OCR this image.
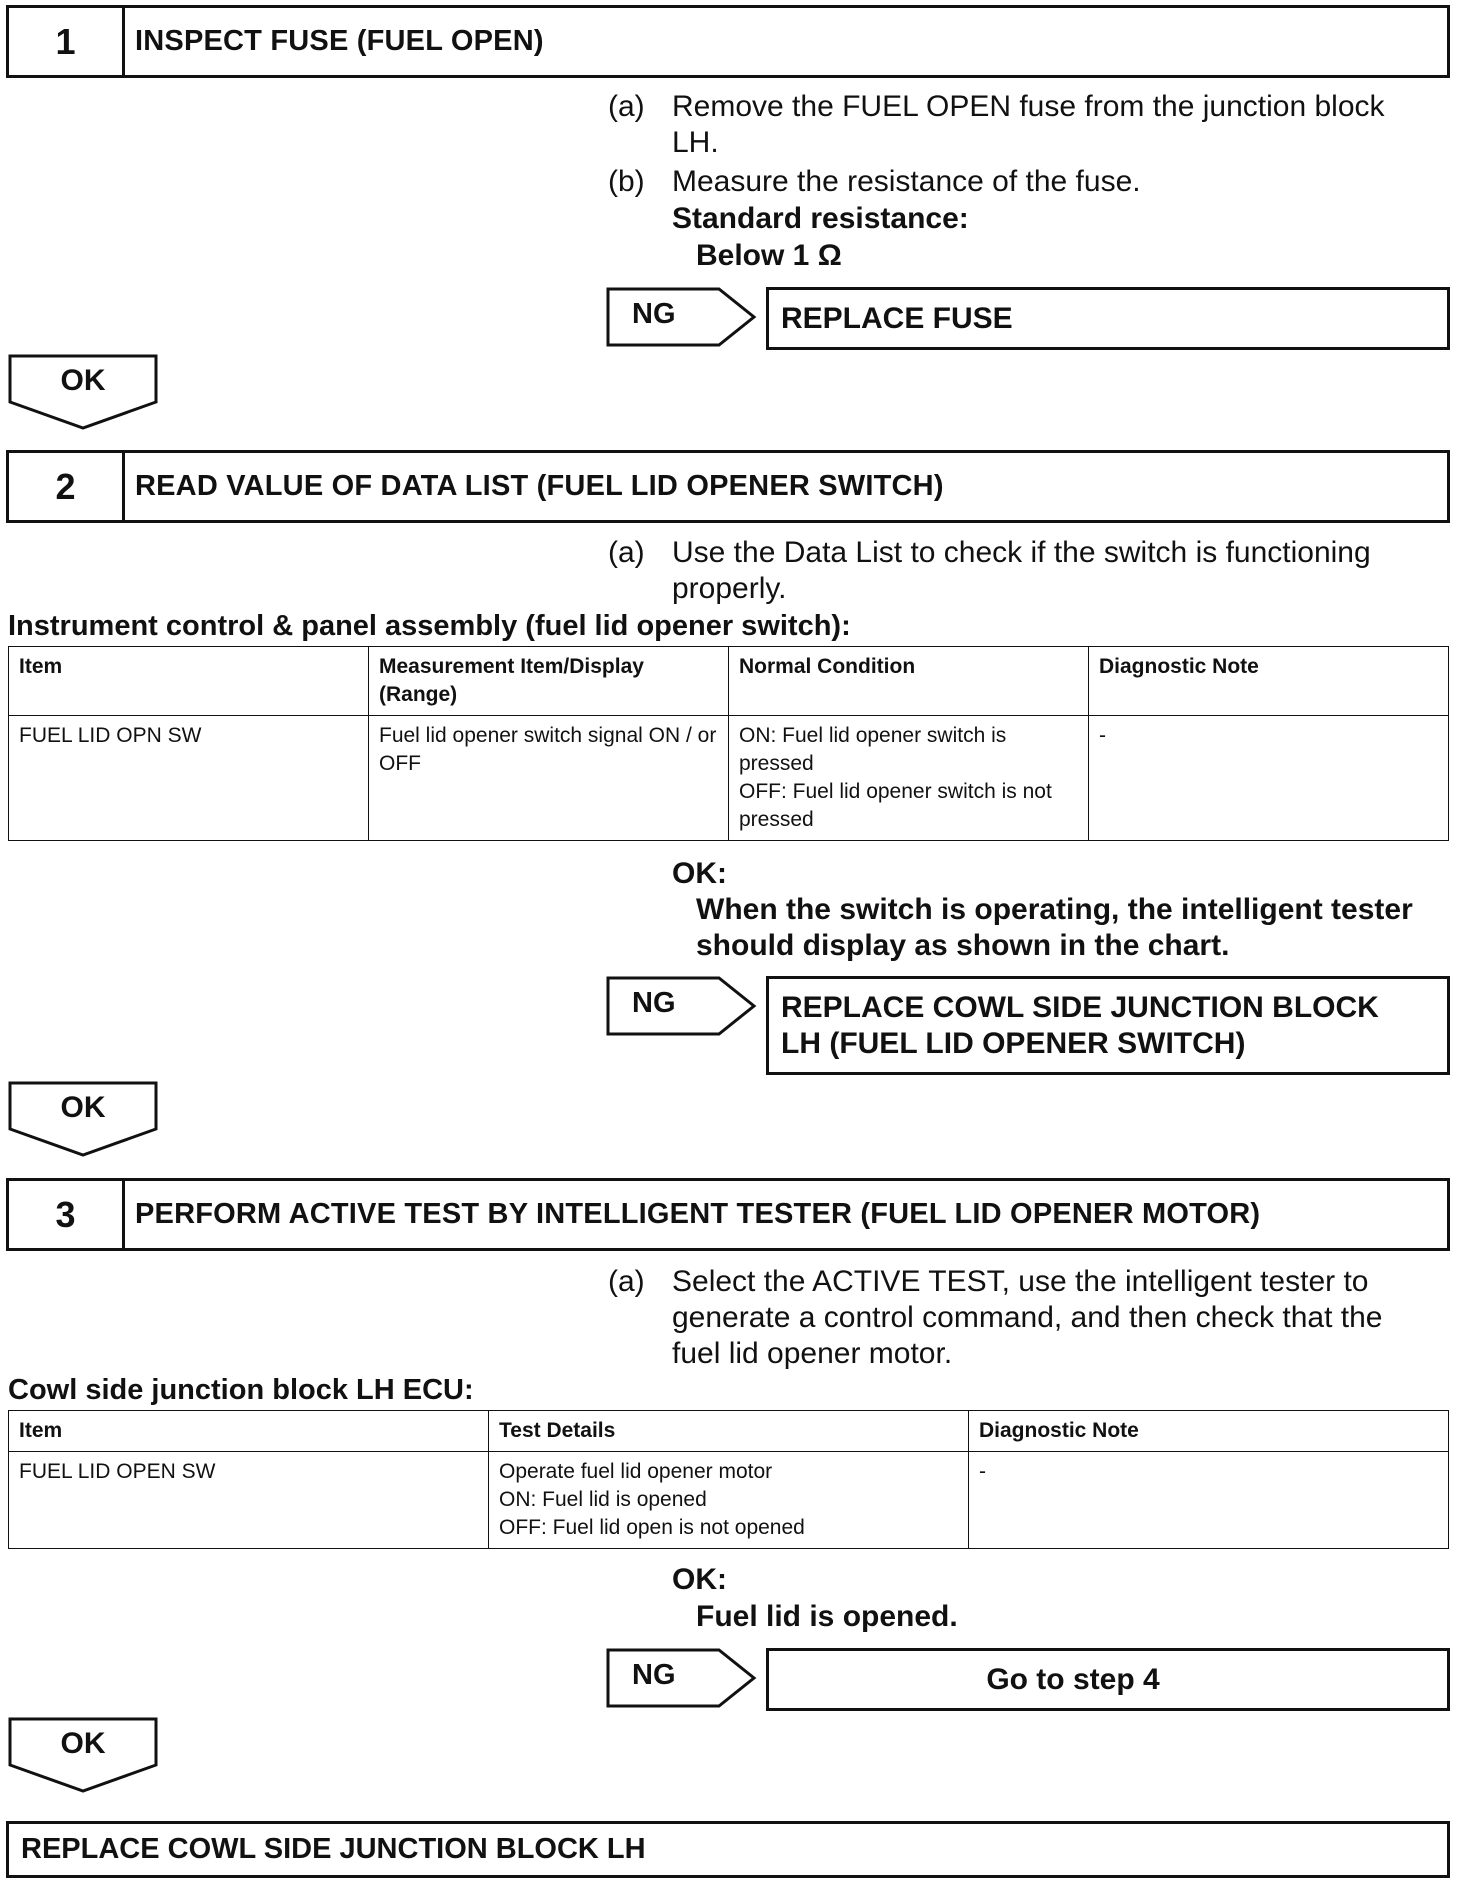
1	INSPECT FUSE (FUEL OPEN)
(a) Remove the FUEL OPEN fuse from the junction block
LH.
(b) Measure the resistance of the fuse.
Standard resistance:
Below 1 Ω
NG	REPLACE FUSE
OK
2	READ VALUE OF DATA LIST (FUEL LID OPENER SWITCH)
(a) Use the Data List to check if the switch is functioning
properly.
Instrument control & panel assembly (fuel lid opener switch):
Item	Measurement Item/Display (Range)	Normal Condition	Diagnostic Note
FUEL LID OPN SW	Fuel lid opener switch signal ON / or OFF	ON: Fuel lid opener switch is pressed
OFF: Fuel lid opener switch is not pressed	-
OK:
When the switch is operating, the intelligent tester
should display as shown in the chart.
NG	REPLACE COWL SIDE JUNCTION BLOCK
LH (FUEL LID OPENER SWITCH)
OK
3	PERFORM ACTIVE TEST BY INTELLIGENT TESTER (FUEL LID OPENER MOTOR)
(a) Select the ACTIVE TEST, use the intelligent tester to
generate a control command, and then check that the
fuel lid opener motor.
Cowl side junction block LH ECU:
Item	Test Details	Diagnostic Note
FUEL LID OPEN SW	Operate fuel lid opener motor
ON: Fuel lid is opened
OFF: Fuel lid open is not opened	-
OK:
Fuel lid is opened.
NG	Go to step 4
OK
REPLACE COWL SIDE JUNCTION BLOCK LH
